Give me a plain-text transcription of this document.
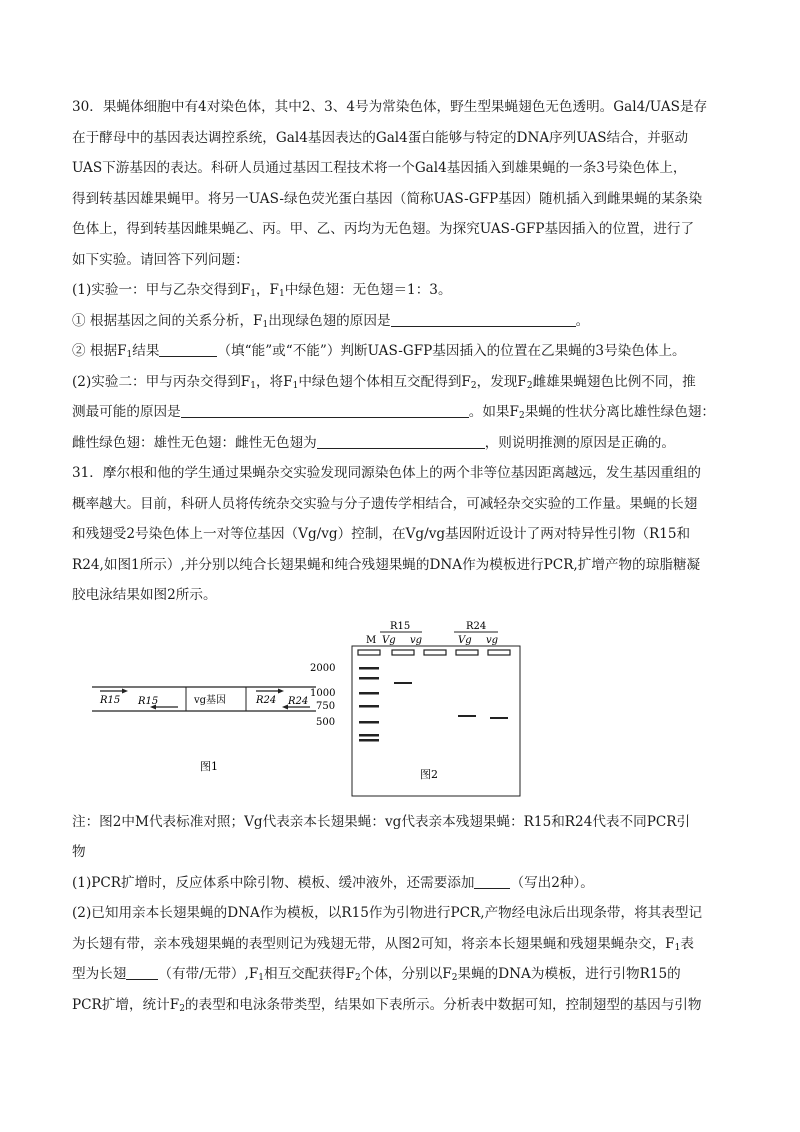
30．果蝇体细胞中有4对染色体，其中2、3、4号为常染色体，野生型果蝇翅色无色透明。Gal4/UAS是存

在于酵母中的基因表达调控系统，Gal4基因表达的Gal4蛋白能够与特定的DNA序列UAS结合，并驱动

UAS下游基因的表达。科研人员通过基因工程技术将一个Gal4基因插入到雄果蝇的一条3号染色体上，

得到转基因雄果蝇甲。将另一UAS-绿色荧光蛋白基因（简称UAS-GFP基因）随机插入到雌果蝇的某条染

色体上，得到转基因雌果蝇乙、丙。甲、乙、丙均为无色翅。为探究UAS-GFP基因插入的位置，进行了

如下实验。请回答下列问题：

(1)实验一：甲与乙杂交得到$F_1$，$F_1$中绿色翅：无色翅＝1：3。

① 根据基因之间的关系分析，$F_1$出现绿色翅的原因是	。

② 根据$F_1$结果	（填“能”或“不能”）判断UAS-GFP基因插入的位置在乙果蝇的3号染色体上。

(2)实验二：甲与丙杂交得到$F_1$，将$F_1$中绿色翅个体相互交配得到$F_2$，发现$F_2$雌雄果蝇翅色比例不同，推

测最可能的原因是	。如果$F_2$果蝇的性状分离比雄性绿色翅：

雌性绿色翅：雄性无色翅：雌性无色翅为	，则说明推测的原因是正确的。

31．摩尔根和他的学生通过果蝇杂交实验发现同源染色体上的两个非等位基因距离越远，发生基因重组的

概率越大。目前，科研人员将传统杂交实验与分子遗传学相结合，可减轻杂交实验的工作量。果蝇的长翅

和残翅受2号染色体上一对等位基因（Vg/vg）控制，在Vg/vg基因附近设计了两对特异性引物（R15和

R24,如图1所示）,并分别以纯合长翅果蝇和纯合残翅果蝇的DNA作为模板进行PCR,扩增产物的琼脂糖凝

胶电泳结果如图2所示。

R15 R15	vg基因	R24 R24
图1
R15	R24
M Vg vg	Vg vg
2000
1000
750
500
图2

注：图2中M代表标准对照；Vg代表亲本长翅果蝇：vg代表亲本残翅果蝇：R15和R24代表不同PCR引

物

(1)PCR扩增时，反应体系中除引物、模板、缓冲液外，还需要添加	（写出2种）。

(2)已知用亲本长翅果蝇的DNA作为模板，以R15作为引物进行PCR,产物经电泳后出现条带，将其表型记

为长翅有带，亲本残翅果蝇的表型则记为残翅无带，从图2可知，将亲本长翅果蝇和残翅果蝇杂交，$F_1$表

型为长翅 （有带/无带）$,F_1$相互交配获得$F_2$个体，分别以$F_2$果蝇的DNA为模板，进行引物R15的

PCR扩增，统计$F_2$的表型和电泳条带类型，结果如下表所示。分析表中数据可知，控制翅型的基因与引物
